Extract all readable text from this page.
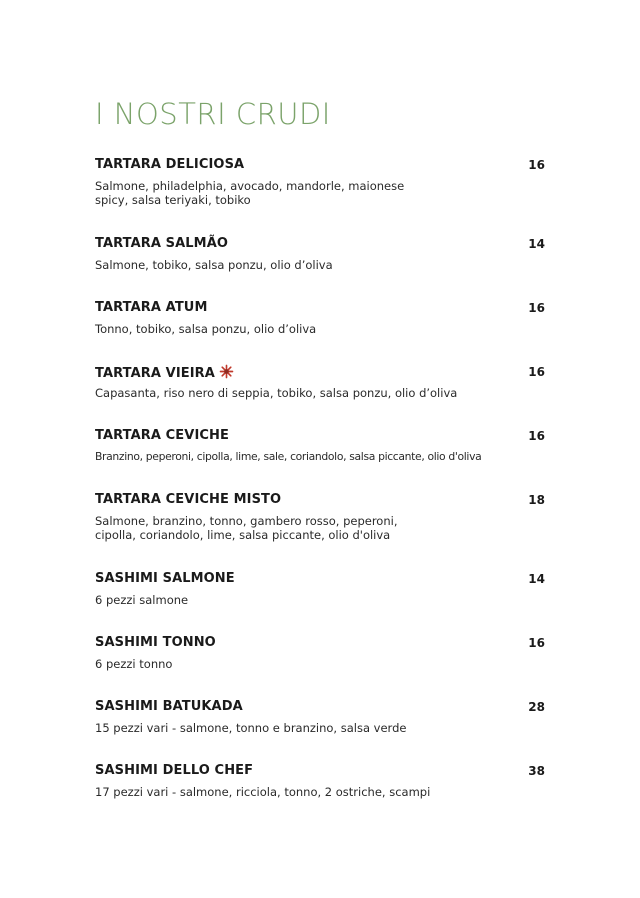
I NOSTRI CRUDI
TARTARA DELICIOSA	16
Salmone, philadelphia, avocado, mandorle, maionese
spicy, salsa teriyaki, tobiko
TARTARA SALMÃO	14
Salmone, tobiko, salsa ponzu, olio d’oliva
TARTARA ATUM	16
Tonno, tobiko, salsa ponzu, olio d’oliva
TARTARA VIEIRA	16
Capasanta, riso nero di seppia, tobiko, salsa ponzu, olio d’oliva
TARTARA CEVICHE	16
Branzino, peperoni, cipolla, lime, sale, coriandolo, salsa piccante, olio d'oliva
TARTARA CEVICHE MISTO	18
Salmone, branzino, tonno, gambero rosso, peperoni,
cipolla, coriandolo, lime, salsa piccante, olio d'oliva
SASHIMI SALMONE	14
6 pezzi salmone
SASHIMI TONNO	16
6 pezzi tonno
SASHIMI BATUKADA	28
15 pezzi vari - salmone, tonno e branzino, salsa verde
SASHIMI DELLO CHEF	38
17 pezzi vari - salmone, ricciola, tonno, 2 ostriche, scampi
